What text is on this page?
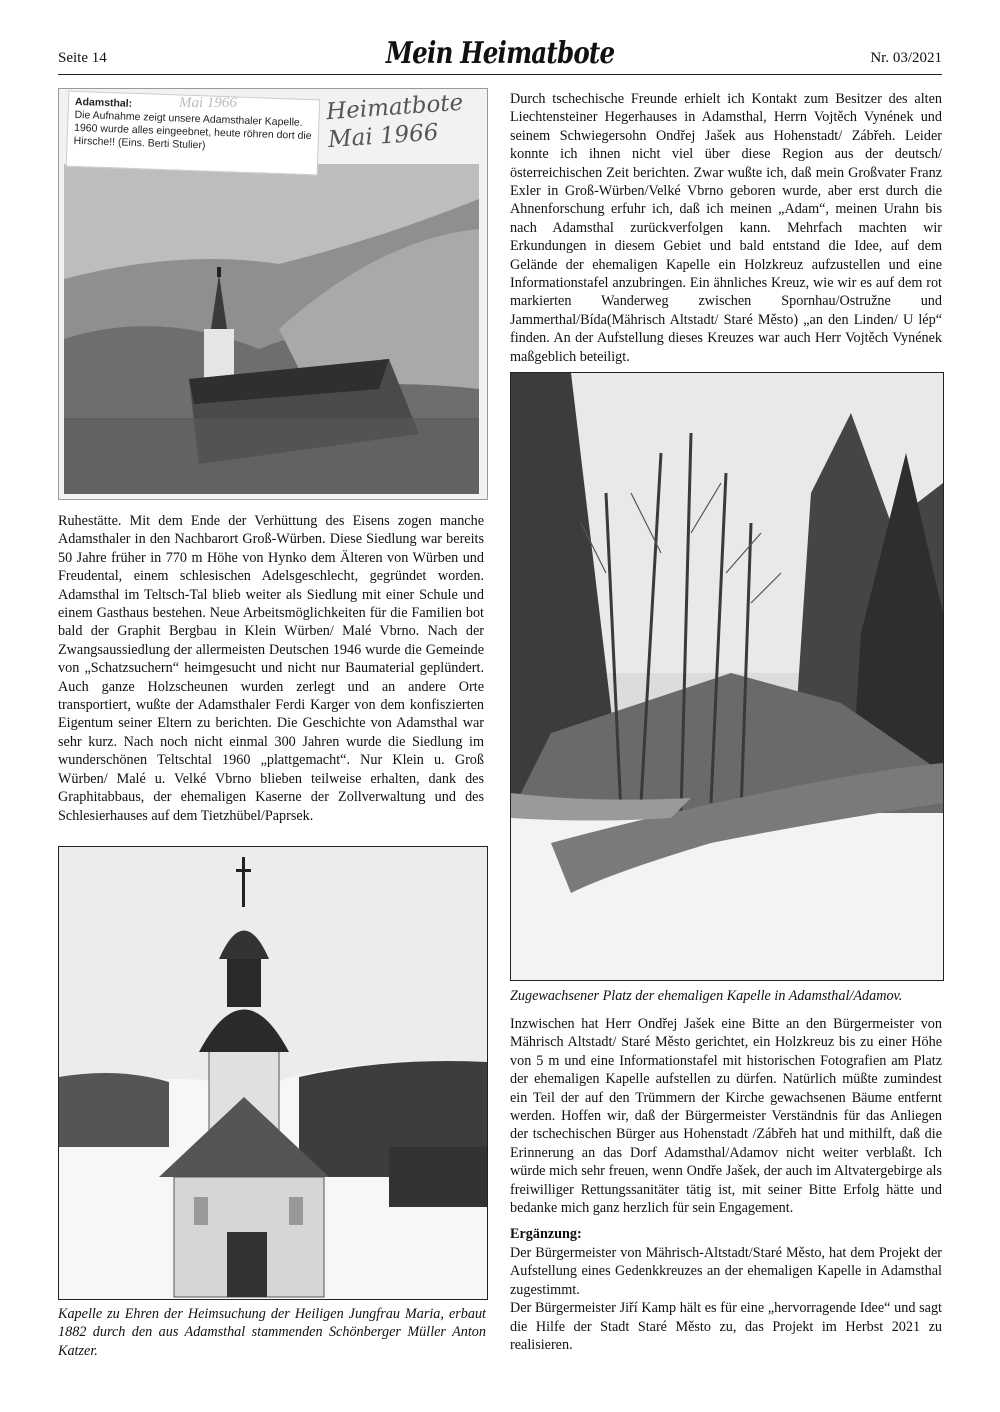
Seite 14	Mein Heimatbote	Nr. 03/2021
Adamsthal:
Die Aufnahme zeigt unsere Adamsthaler Kapelle. 1960 wurde alles eingeebnet, heute röhren dort die Hirsche!! (Eins. Berti Stulier)
Mai 1966	Heimatbote
Mai 1966

Durch tschechische Freunde erhielt ich Kontakt zum Besitzer des alten Liechtensteiner Hegerhauses in Adamsthal, Herrn Vojtěch Vynének und seinem Schwiegersohn Ondřej Jašek aus Hohenstadt/ Zábřeh. Leider konnte ich ihnen nicht viel über diese Region aus der deutsch/österreichischen Zeit berichten. Zwar wußte ich, daß mein Großvater Franz Exler in Groß-Würben/Velké Vbrno geboren wurde, aber erst durch die Ahnenforschung erfuhr ich, daß ich meinen „Adam“, meinen Urahn bis nach Adamsthal zurückverfolgen kann. Mehrfach machten wir Erkundungen in diesem Gebiet und bald entstand die Idee, auf dem Gelände der ehemaligen Kapelle ein Holzkreuz aufzustellen und eine Informationstafel anzubringen. Ein ähnliches Kreuz, wie wir es auf dem rot markierten Wanderweg zwischen Spornhau/Ostružne und Jammerthal/Bída(Mährisch Altstadt/ Staré Město) „an den Linden/ U lép“ finden. An der Aufstellung dieses Kreuzes war auch Herr Vojtěch Vynének maßgeblich beteiligt.

Zugewachsener Platz der ehemaligen Kapelle in Adamsthal/Adamov.

Ruhestätte. Mit dem Ende der Verhüttung des Eisens zogen manche Adamsthaler in den Nachbarort Groß-Würben. Diese Siedlung war bereits 50 Jahre früher in 770 m Höhe von Hynko dem Älteren von Würben und Freudental, einem schlesischen Adelsgeschlecht, gegründet worden. Adamsthal im Teltsch-Tal blieb weiter als Siedlung mit einer Schule und einem Gasthaus bestehen. Neue Arbeitsmöglichkeiten für die Familien bot bald der Graphit Bergbau in Klein Würben/ Malé Vbrno. Nach der Zwangsaussiedlung der allermeisten Deutschen 1946 wurde die Gemeinde von „Schatzsuchern“ heimgesucht und nicht nur Baumaterial geplündert. Auch ganze Holzscheunen wurden zerlegt und an andere Orte transportiert, wußte der Adamsthaler Ferdi Karger von dem konfiszierten Eigentum seiner Eltern zu berichten. Die Geschichte von Adamsthal war sehr kurz. Nach noch nicht einmal 300 Jahren wurde die Siedlung im wunderschönen Teltschtal 1960 „plattgemacht“. Nur Klein u. Groß Würben/ Malé u. Velké Vbrno blieben teilweise erhalten, dank des Graphitabbaus, der ehemaligen Kaserne der Zollverwaltung und des Schlesierhauses auf dem Tietzhübel/Paprsek.

Kapelle zu Ehren der Heimsuchung der Heiligen Jungfrau Maria, erbaut 1882 durch den aus Adamsthal stammenden Schönberger Müller Anton Katzer.

Inzwischen hat Herr Ondřej Jašek eine Bitte an den Bürgermeister von Mährisch Altstadt/ Staré Město gerichtet, ein Holzkreuz bis zu einer Höhe von 5 m und eine Informationstafel mit historischen Fotografien am Platz der ehemaligen Kapelle aufstellen zu dürfen. Natürlich müßte zumindest ein Teil der auf den Trümmern der Kirche gewachsenen Bäume entfernt werden. Hoffen wir, daß der Bürgermeister Verständnis für das Anliegen der tschechischen Bürger aus Hohenstadt /Zábřeh hat und mithilft, daß die Erinnerung an das Dorf Adamsthal/Adamov nicht weiter verblaßt. Ich würde mich sehr freuen, wenn Ondře Jašek, der auch im Altvatergebirge als freiwilliger Rettungssanitäter tätig ist, mit seiner Bitte Erfolg hätte und bedanke mich ganz herzlich für sein Engagement.

Ergänzung:

Der Bürgermeister von Mährisch-Altstadt/Staré Město, hat dem Projekt der Aufstellung eines Gedenkkreuzes an der ehemaligen Kapelle in Adamsthal zugestimmt.

Der Bürgermeister Jiří Kamp hält es für eine „hervorragende Idee“ und sagt die Hilfe der Stadt Staré Město zu, das Projekt im Herbst 2021 zu realisieren.
